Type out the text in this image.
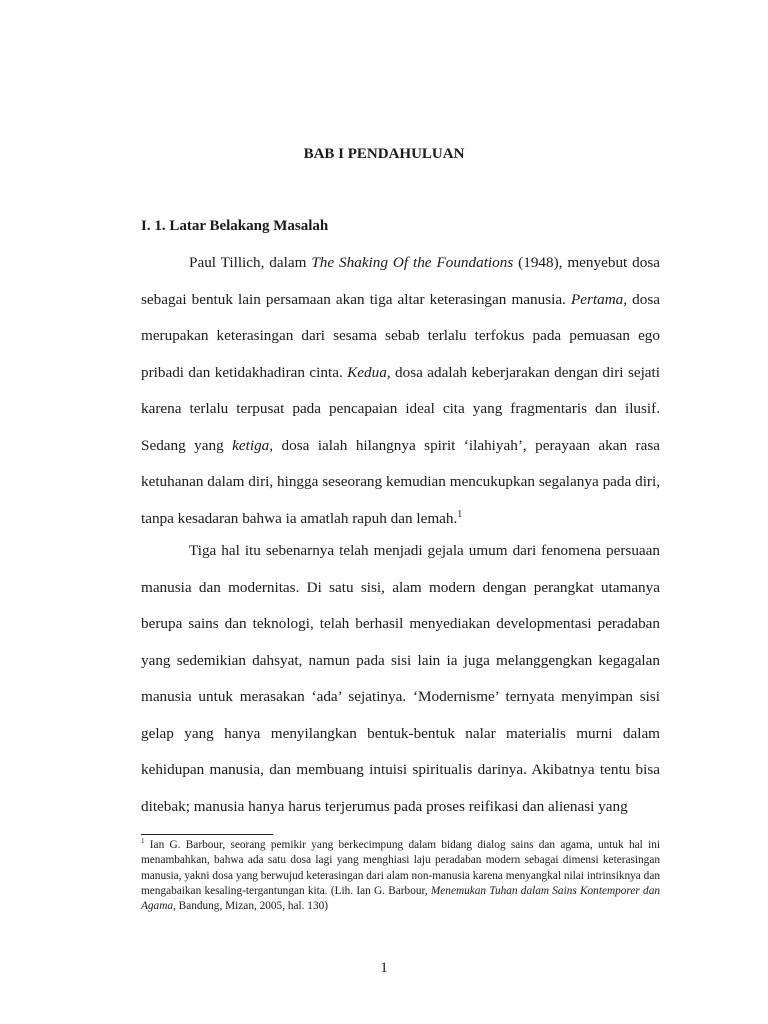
BAB I PENDAHULUAN
I. 1. Latar Belakang Masalah

Paul Tillich, dalam The Shaking Of the Foundations (1948), menyebut dosa sebagai bentuk lain persamaan akan tiga altar keterasingan manusia. Pertama, dosa merupakan keterasingan dari sesama sebab terlalu terfokus pada pemuasan ego pribadi dan ketidakhadiran cinta. Kedua, dosa adalah keberjarakan dengan diri sejati karena terlalu terpusat pada pencapaian ideal cita yang fragmentaris dan ilusif. Sedang yang ketiga, dosa ialah hilangnya spirit ‘ilahiyah’, perayaan akan rasa ketuhanan dalam diri, hingga seseorang kemudian mencukupkan segalanya pada diri, tanpa kesadaran bahwa ia amatlah rapuh dan lemah.$^1$

Tiga hal itu sebenarnya telah menjadi gejala umum dari fenomena persuaan manusia dan modernitas. Di satu sisi, alam modern dengan perangkat utamanya berupa sains dan teknologi, telah berhasil menyediakan developmentasi peradaban yang sedemikian dahsyat, namun pada sisi lain ia juga melanggengkan kegagalan manusia untuk merasakan ‘ada’ sejatinya. ‘Modernisme’ ternyata menyimpan sisi gelap yang hanya menyilangkan bentuk-bentuk nalar materialis murni dalam kehidupan manusia, dan membuang intuisi spiritualis darinya. Akibatnya tentu bisa ditebak; manusia hanya harus terjerumus pada proses reifikasi dan alienasi yang

$^1$ Ian G. Barbour, seorang pemikir yang berkecimpung dalam bidang dialog sains dan agama, untuk hal ini menambahkan, bahwa ada satu dosa lagi yang menghiasi laju peradaban modern sebagai dimensi keterasingan manusia, yakni dosa yang berwujud keterasingan dari alam non-manusia karena menyangkal nilai intrinsiknya dan mengabaikan kesaling-tergantungan kita. (Lih. Ian G. Barbour, Menemukan Tuhan dalam Sains Kontemporer dan Agama, Bandung, Mizan, 2005, hal. 130)

1
